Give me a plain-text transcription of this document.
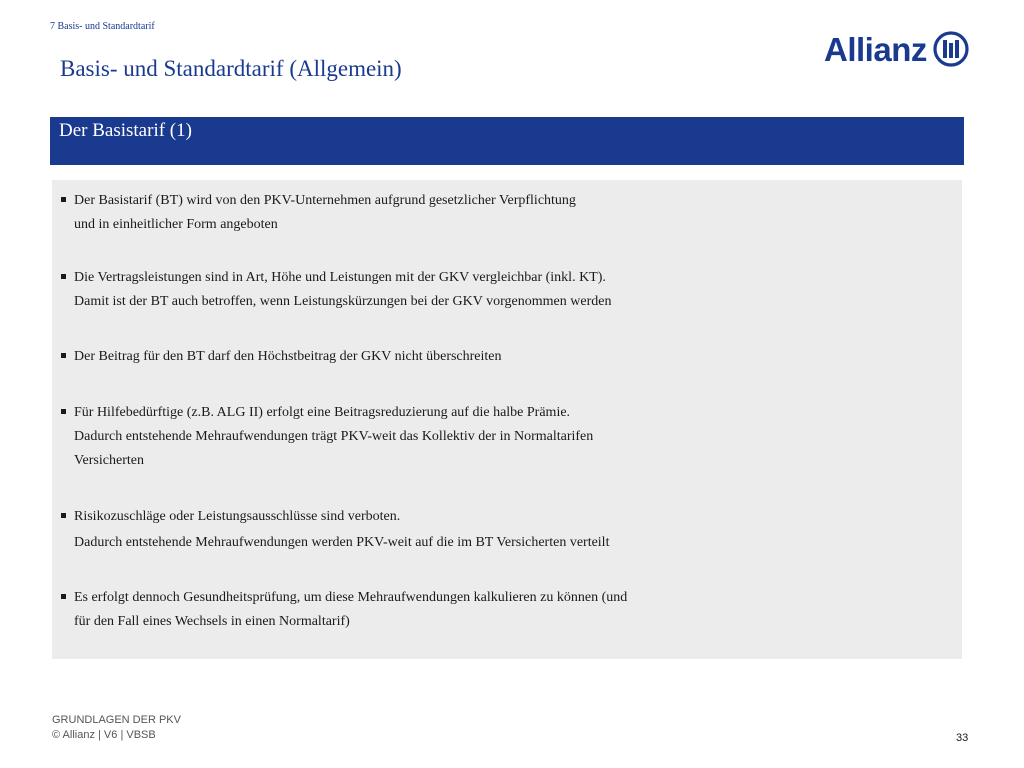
7 Basis- und Standardtarif
Basis- und Standardtarif (Allgemein)
Allianz
Der Basistarif (1)
Der Basistarif (BT) wird von den PKV-Unternehmen aufgrund gesetzlicher Verpflichtung
und in einheitlicher Form angeboten
Die Vertragsleistungen sind in Art, Höhe und Leistungen mit der GKV vergleichbar (inkl. KT).
Damit ist der BT auch betroffen, wenn Leistungskürzungen bei der GKV vorgenommen werden
Der Beitrag für den BT darf den Höchstbeitrag der GKV nicht überschreiten
Für Hilfebedürftige (z.B. ALG II) erfolgt eine Beitragsreduzierung auf die halbe Prämie.
Dadurch entstehende Mehraufwendungen trägt PKV-weit das Kollektiv der in Normaltarifen
Versicherten
Risikozuschläge oder Leistungsausschlüsse sind verboten.
Dadurch entstehende Mehraufwendungen werden PKV-weit auf die im BT Versicherten verteilt
Es erfolgt dennoch Gesundheitsprüfung, um diese Mehraufwendungen kalkulieren zu können (und
für den Fall eines Wechsels in einen Normaltarif)
GRUNDLAGEN DER PKV
© Allianz | V6 | VBSB	33
